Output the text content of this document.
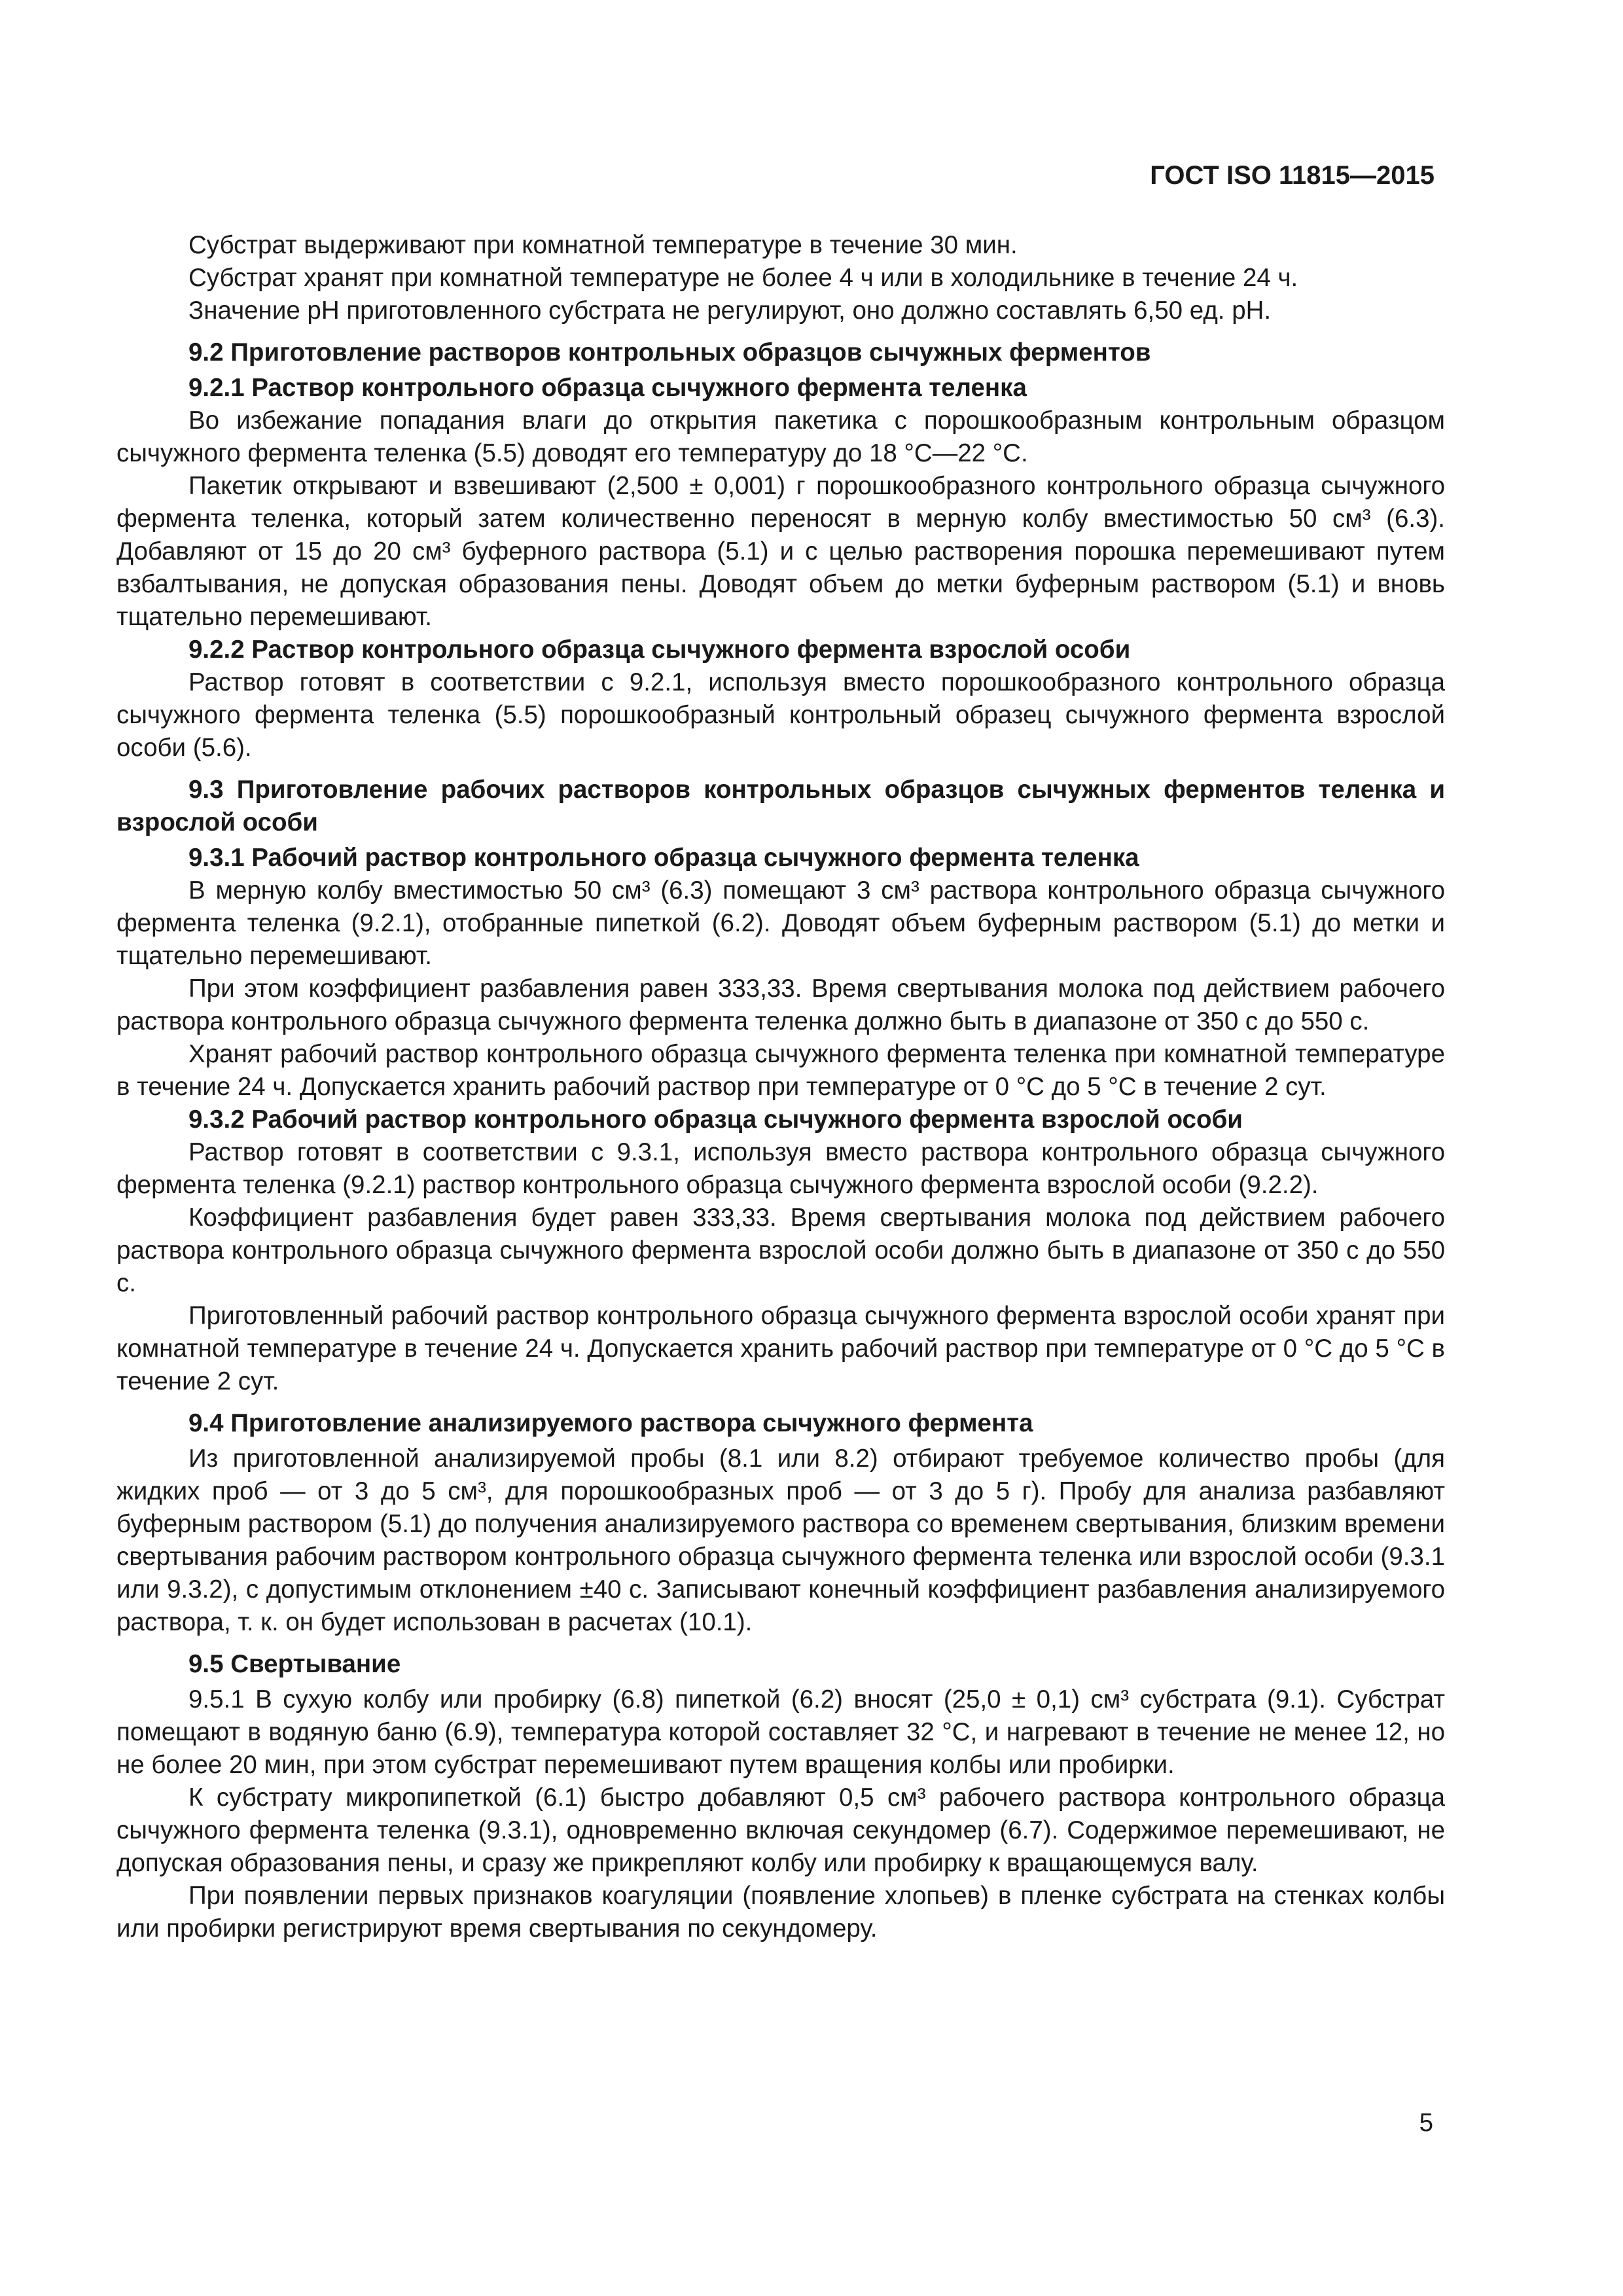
ГОСТ ISO 11815—2015

Субстрат выдерживают при комнатной температуре в течение 30 мин.

Субстрат хранят при комнатной температуре не более 4 ч или в холодильнике в течение 24 ч.

Значение pH приготовленного субстрата не регулируют, оно должно составлять 6,50 ед. pH.

9.2 Приготовление растворов контрольных образцов сычужных ферментов

9.2.1 Раствор контрольного образца сычужного фермента теленка

Во избежание попадания влаги до открытия пакетика с порошкообразным контрольным образцом сычужного фермента теленка (5.5) доводят его температуру до 18 °С—22 °С.

Пакетик открывают и взвешивают (2,500 ± 0,001) г порошкообразного контрольного образца сычужного фермента теленка, который затем количественно переносят в мерную колбу вместимостью 50 см³ (6.3). Добавляют от 15 до 20 см³ буферного раствора (5.1) и с целью растворения порошка перемешивают путем взбалтывания, не допуская образования пены. Доводят объем до метки буферным раствором (5.1) и вновь тщательно перемешивают.

9.2.2 Раствор контрольного образца сычужного фермента взрослой особи

Раствор готовят в соответствии с 9.2.1, используя вместо порошкообразного контрольного образца сычужного фермента теленка (5.5) порошкообразный контрольный образец сычужного фермента взрослой особи (5.6).

9.3 Приготовление рабочих растворов контрольных образцов сычужных ферментов теленка и взрослой особи

9.3.1 Рабочий раствор контрольного образца сычужного фермента теленка

В мерную колбу вместимостью 50 см³ (6.3) помещают 3 см³ раствора контрольного образца сычужного фермента теленка (9.2.1), отобранные пипеткой (6.2). Доводят объем буферным раствором (5.1) до метки и тщательно перемешивают.

При этом коэффициент разбавления равен 333,33. Время свертывания молока под действием рабочего раствора контрольного образца сычужного фермента теленка должно быть в диапазоне от 350 с до 550 с.

Хранят рабочий раствор контрольного образца сычужного фермента теленка при комнатной температуре в течение 24 ч. Допускается хранить рабочий раствор при температуре от 0 °С до 5 °С в течение 2 сут.

9.3.2 Рабочий раствор контрольного образца сычужного фермента взрослой особи

Раствор готовят в соответствии с 9.3.1, используя вместо раствора контрольного образца сычужного фермента теленка (9.2.1) раствор контрольного образца сычужного фермента взрослой особи (9.2.2).

Коэффициент разбавления будет равен 333,33. Время свертывания молока под действием рабочего раствора контрольного образца сычужного фермента взрослой особи должно быть в диапазоне от 350 с до 550 с.

Приготовленный рабочий раствор контрольного образца сычужного фермента взрослой особи хранят при комнатной температуре в течение 24 ч. Допускается хранить рабочий раствор при температуре от 0 °С до 5 °С в течение 2 сут.

9.4 Приготовление анализируемого раствора сычужного фермента

Из приготовленной анализируемой пробы (8.1 или 8.2) отбирают требуемое количество пробы (для жидких проб — от 3 до 5 см³, для порошкообразных проб — от 3 до 5 г). Пробу для анализа разбавляют буферным раствором (5.1) до получения анализируемого раствора со временем свертывания, близким времени свертывания рабочим раствором контрольного образца сычужного фермента теленка или взрослой особи (9.3.1 или 9.3.2), с допустимым отклонением ±40 с. Записывают конечный коэффициент разбавления анализируемого раствора, т. к. он будет использован в расчетах (10.1).

9.5 Свертывание

9.5.1 В сухую колбу или пробирку (6.8) пипеткой (6.2) вносят (25,0 ± 0,1) см³ субстрата (9.1). Субстрат помещают в водяную баню (6.9), температура которой составляет 32 °С, и нагревают в течение не менее 12, но не более 20 мин, при этом субстрат перемешивают путем вращения колбы или пробирки.

К субстрату микропипеткой (6.1) быстро добавляют 0,5 см³ рабочего раствора контрольного образца сычужного фермента теленка (9.3.1), одновременно включая секундомер (6.7). Содержимое перемешивают, не допуская образования пены, и сразу же прикрепляют колбу или пробирку к вращающемуся валу.

При появлении первых признаков коагуляции (появление хлопьев) в пленке субстрата на стенках колбы или пробирки регистрируют время свертывания по секундомеру.

5
